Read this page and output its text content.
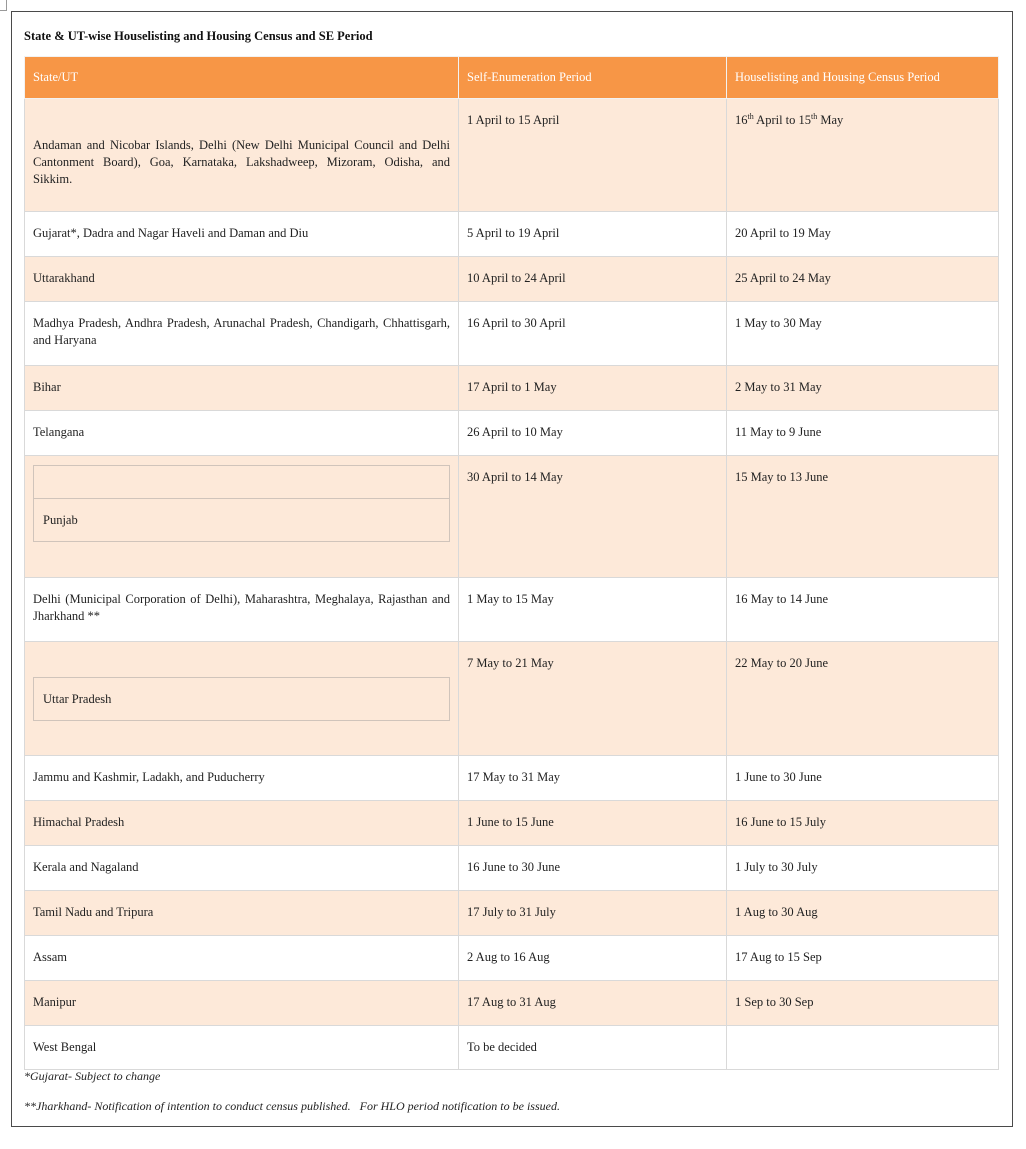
State & UT-wise Houselisting and Housing Census and SE Period
State/UT	Self-Enumeration Period	Houselisting and Housing Census Period

Andaman and Nicobar Islands, Delhi (New Delhi Municipal Council and Delhi Cantonment Board), Goa, Karnataka, Lakshadweep, Mizoram, Odisha, and Sikkim.	1 April to 15 April	16th April to 15th May

Gujarat*, Dadra and Nagar Haveli and Daman and Diu	5 April to 19 April	20 April to 19 May

Uttarakhand	10 April to 24 April	25 April to 24 May

Madhya Pradesh, Andhra Pradesh, Arunachal Pradesh, Chandigarh, Chhattisgarh, and Haryana	16 April to 30 April	1 May to 30 May

Bihar	17 April to 1 May	2 May to 31 May

Telangana	26 April to 10 May	11 May to 9 June

Punjab	30 April to 14 May	15 May to 13 June

Delhi (Municipal Corporation of Delhi), Maharashtra, Meghalaya, Rajasthan and Jharkhand **	1 May to 15 May	16 May to 14 June

Uttar Pradesh	7 May to 21 May	22 May to 20 June

Jammu and Kashmir, Ladakh, and Puducherry	17 May to 31 May	1 June to 30 June

Himachal Pradesh	1 June to 15 June	16 June to 15 July

Kerala and Nagaland	16 June to 30 June	1 July to 30 July

Tamil Nadu and Tripura	17 July to 31 July	1 Aug to 30 Aug

Assam	2 Aug to 16 Aug	17 Aug to 15 Sep

Manipur	17 Aug to 31 Aug	1 Sep to 30 Sep

West Bengal	To be decided	

*Gujarat- Subject to change
**Jharkhand- Notification of intention to conduct census published.   For HLO period notification to be issued.
